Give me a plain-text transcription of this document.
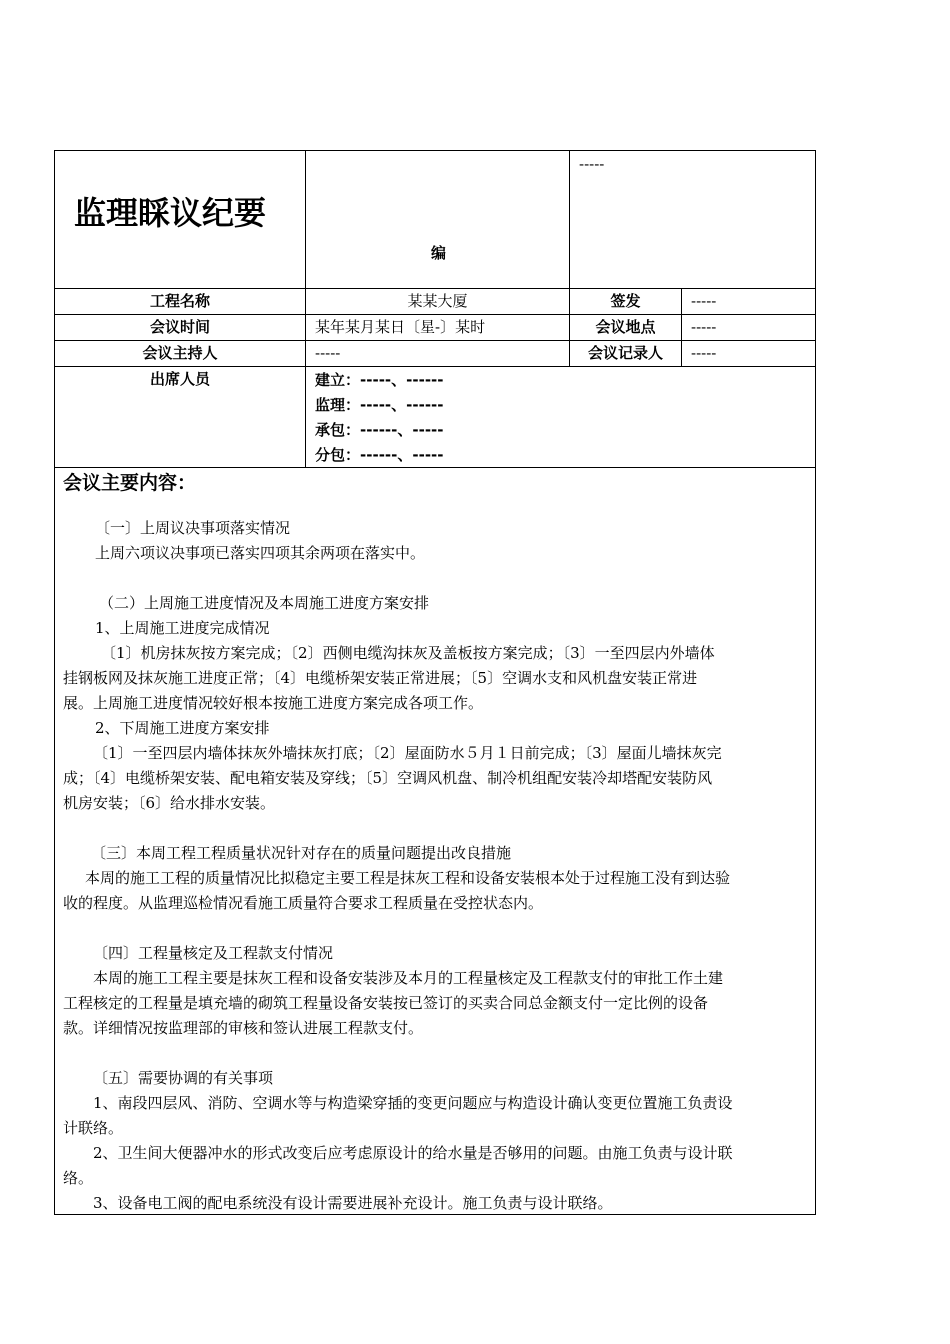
监理睬议纪要
编
-----
工程名称	某某大厦	签发	-----
会议时间	某年某月某日〔星-〕某时	会议地点	-----
会议主持人	-----	会议记录人	-----
出席人员	建立：-----、------
监理：-----、------
承包：------、-----
分包：------、-----
会议主要内容：

〔一〕上周议决事项落实情况

上周六项议决事项已落实四项其余两项在落实中。

（二）上周施工进度情况及本周施工进度方案安排

1、上周施工进度完成情况

〔1〕机房抹灰按方案完成；〔2〕西侧电缆沟抹灰及盖板按方案完成；〔3〕一至四层内外墙体

挂钢板网及抹灰施工进度正常；〔4〕电缆桥架安装正常进展；〔5〕空调水支和风机盘安装正常进

展。上周施工进度情况较好根本按施工进度方案完成各项工作。

2、下周施工进度方案安排

〔1〕一至四层内墙体抹灰外墙抹灰打底；〔2〕屋面防水５月１日前完成；〔3〕屋面儿墙抹灰完

成；〔4〕电缆桥架安装、配电箱安装及穿线；〔5〕空调风机盘、制冷机组配安装冷却塔配安装防风

机房安装；〔6〕给水排水安装。

〔三〕本周工程工程质量状况针对存在的质量问题提出改良措施

本周的施工工程的质量情况比拟稳定主要工程是抹灰工程和设备安装根本处于过程施工没有到达验

收的程度。从监理巡检情况看施工质量符合要求工程质量在受控状态内。

〔四〕工程量核定及工程款支付情况

本周的施工工程主要是抹灰工程和设备安装涉及本月的工程量核定及工程款支付的审批工作土建

工程核定的工程量是填充墙的砌筑工程量设备安装按已签订的买卖合同总金额支付一定比例的设备

款。详细情况按监理部的审核和签认进展工程款支付。

〔五〕需要协调的有关事项

1、南段四层风、消防、空调水等与构造梁穿插的变更问题应与构造设计确认变更位置施工负责设

计联络。

2、卫生间大便器冲水的形式改变后应考虑原设计的给水量是否够用的问题。由施工负责与设计联

络。

3、设备电工阀的配电系统没有设计需要进展补充设计。施工负责与设计联络。
